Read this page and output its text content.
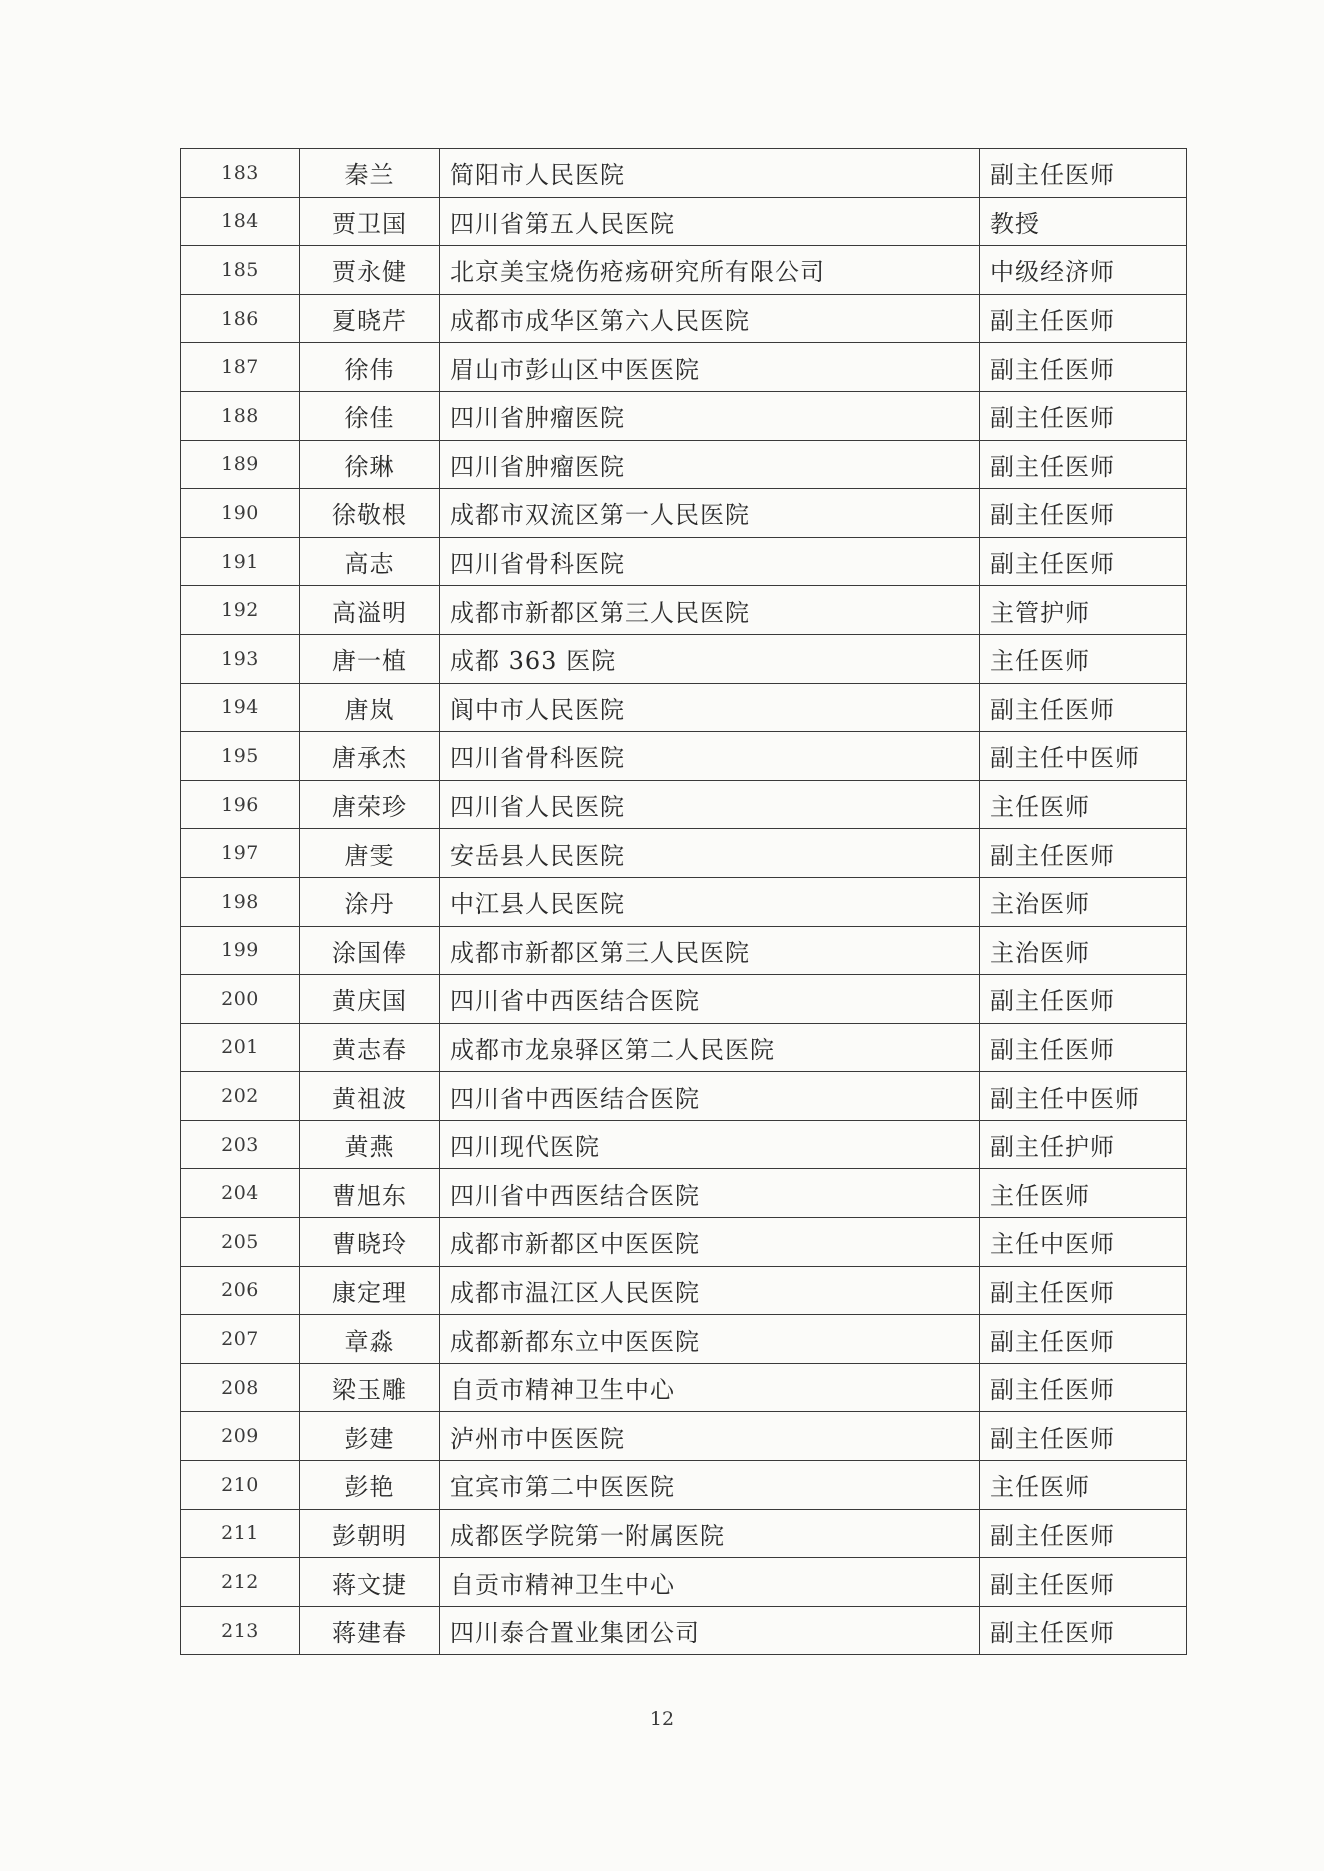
183	秦兰	简阳市人民医院	副主任医师
184	贾卫国	四川省第五人民医院	教授
185	贾永健	北京美宝烧伤疮疡研究所有限公司	中级经济师
186	夏晓芹	成都市成华区第六人民医院	副主任医师
187	徐伟	眉山市彭山区中医医院	副主任医师
188	徐佳	四川省肿瘤医院	副主任医师
189	徐琳	四川省肿瘤医院	副主任医师
190	徐敬根	成都市双流区第一人民医院	副主任医师
191	高志	四川省骨科医院	副主任医师
192	高溢明	成都市新都区第三人民医院	主管护师
193	唐一植	成都 363 医院	主任医师
194	唐岚	阆中市人民医院	副主任医师
195	唐承杰	四川省骨科医院	副主任中医师
196	唐荣珍	四川省人民医院	主任医师
197	唐雯	安岳县人民医院	副主任医师
198	涂丹	中江县人民医院	主治医师
199	涂国俸	成都市新都区第三人民医院	主治医师
200	黄庆国	四川省中西医结合医院	副主任医师
201	黄志春	成都市龙泉驿区第二人民医院	副主任医师
202	黄祖波	四川省中西医结合医院	副主任中医师
203	黄燕	四川现代医院	副主任护师
204	曹旭东	四川省中西医结合医院	主任医师
205	曹晓玲	成都市新都区中医医院	主任中医师
206	康定理	成都市温江区人民医院	副主任医师
207	章淼	成都新都东立中医医院	副主任医师
208	梁玉雕	自贡市精神卫生中心	副主任医师
209	彭建	泸州市中医医院	副主任医师
210	彭艳	宜宾市第二中医医院	主任医师
211	彭朝明	成都医学院第一附属医院	副主任医师
212	蒋文捷	自贡市精神卫生中心	副主任医师
213	蒋建春	四川泰合置业集团公司	副主任医师
12
